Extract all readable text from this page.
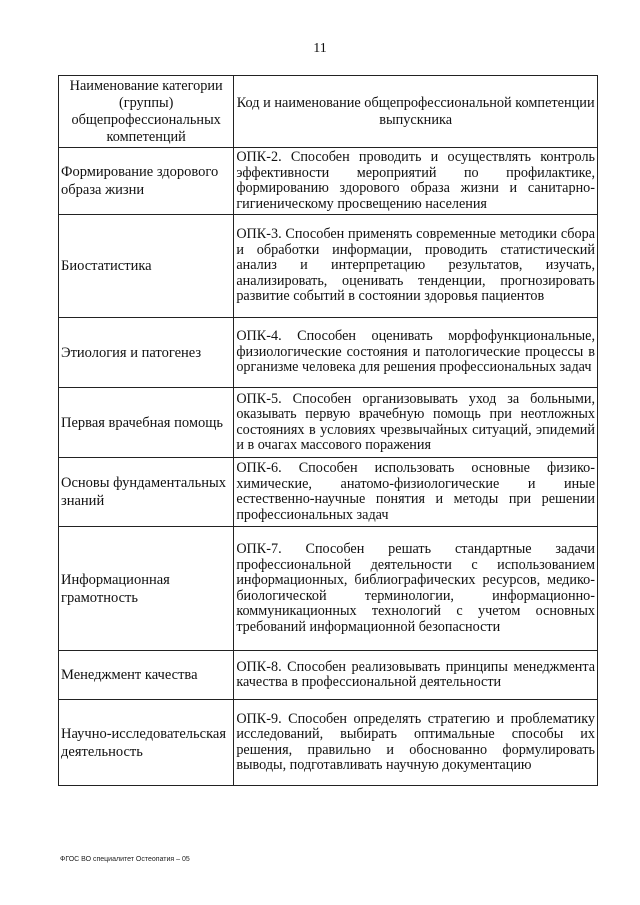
11
Наименование категории (группы) общепрофессиональных компетенций	Код и наименование общепрофессиональной компетенции выпускника
Формирование здорового образа жизни	ОПК-2. Способен проводить и осуществлять контроль эффективности мероприятий по профилактике, формированию здорового образа жизни и санитарно-гигиеническому просвещению населения
Биостатистика	ОПК-3. Способен применять современные методики сбора и обработки информации, проводить статистический анализ и интерпретацию результатов, изучать, анализировать, оценивать тенденции, прогнозировать развитие событий в состоянии здоровья пациентов
Этиология и патогенез	ОПК-4. Способен оценивать морфофункциональные, физиологические состояния и патологические процессы в организме человека для решения профессиональных задач
Первая врачебная помощь	ОПК-5. Способен организовывать уход за больными, оказывать первую врачебную помощь при неотложных состояниях в условиях чрезвычайных ситуаций, эпидемий и в очагах массового поражения
Основы фундаментальных знаний	ОПК-6. Способен использовать основные физико-химические, анатомо-физиологические и иные естественно-научные понятия и методы при решении профессиональных задач
Информационная грамотность	ОПК-7. Способен решать стандартные задачи профессиональной деятельности с использованием информационных, библиографических ресурсов, медико-биологической терминологии, информационно-коммуникационных технологий с учетом основных требований информационной безопасности
Менеджмент качества	ОПК-8. Способен реализовывать принципы менеджмента качества в профессиональной деятельности
Научно-исследовательская деятельность	ОПК-9. Способен определять стратегию и проблематику исследований, выбирать оптимальные способы их решения, правильно и обоснованно формулировать выводы, подготавливать научную документацию
ФГОС ВО специалитет Остеопатия – 05
